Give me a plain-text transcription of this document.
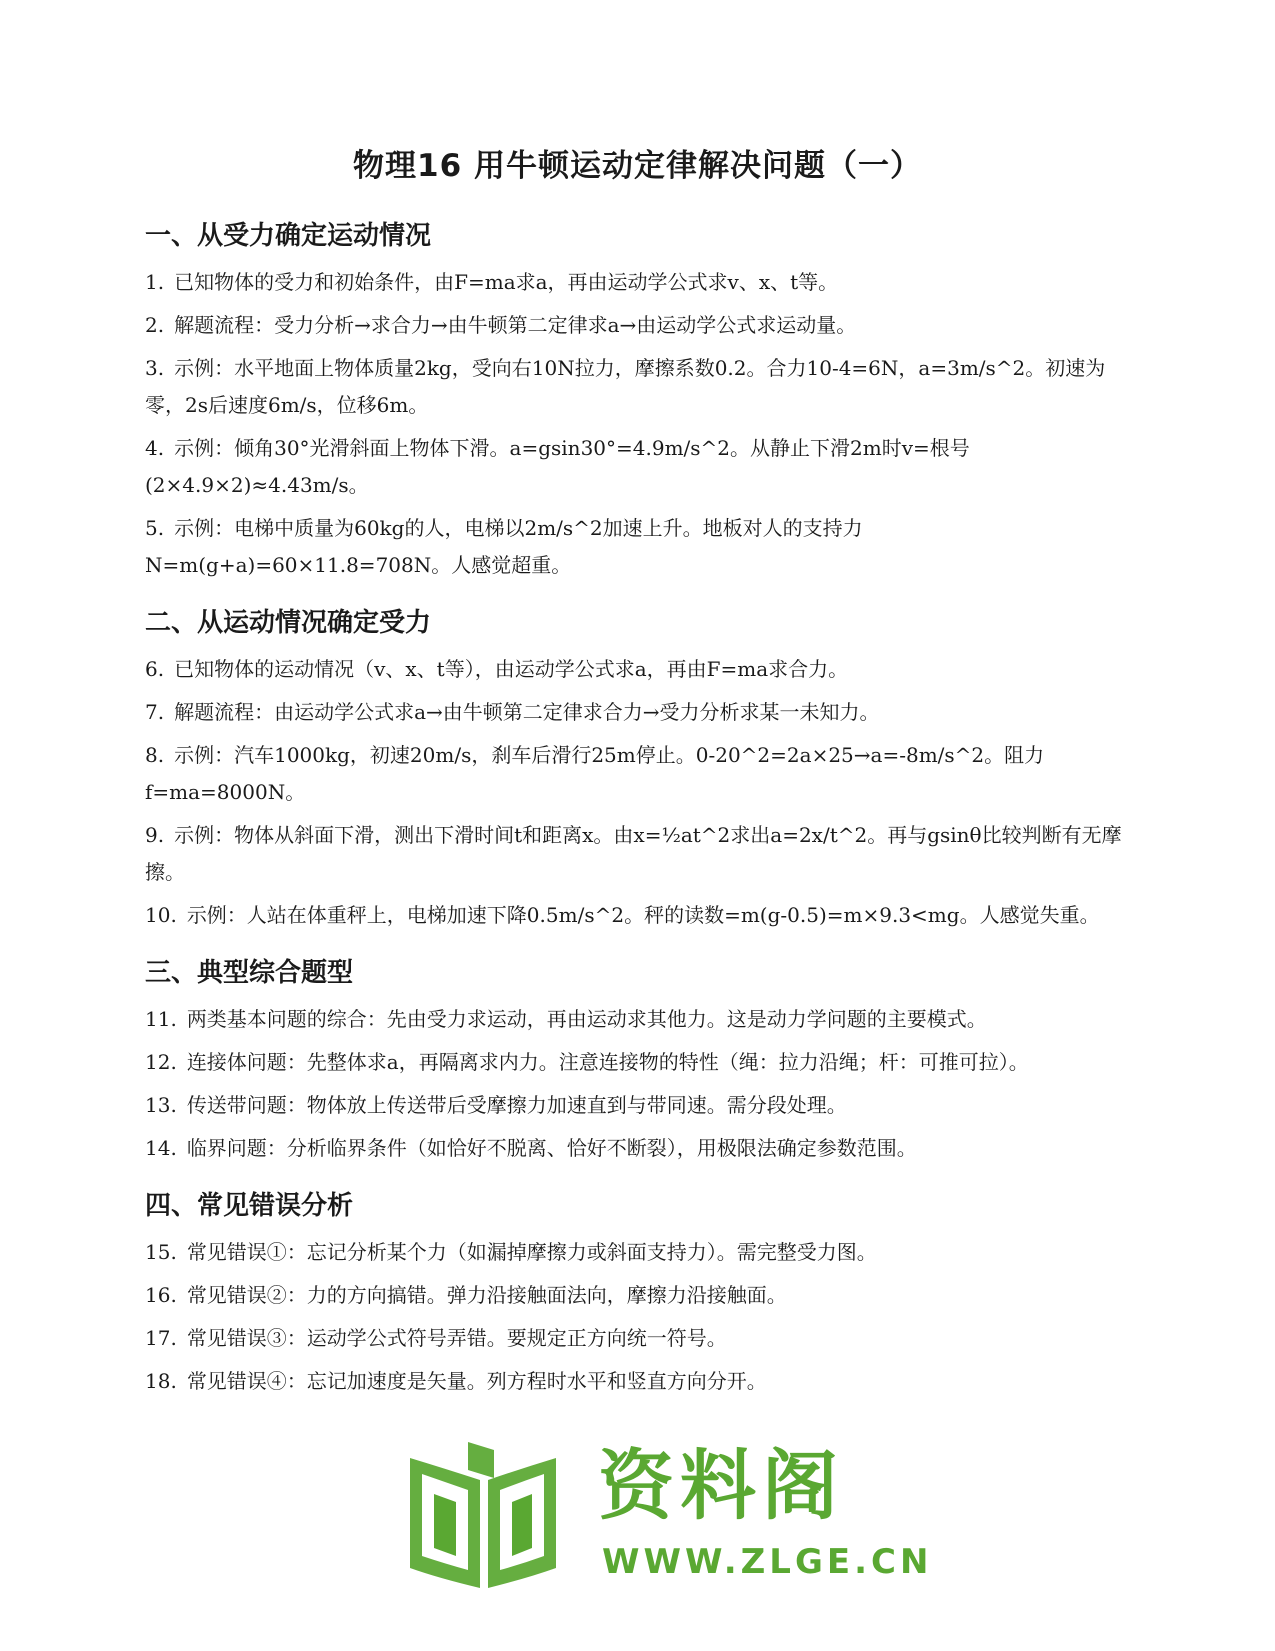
物理16 用牛顿运动定律解决问题（一）
一、从受力确定运动情况

1. 已知物体的受力和初始条件，由F=ma求a，再由运动学公式求v、x、t等。

2. 解题流程：受力分析→求合力→由牛顿第二定律求a→由运动学公式求运动量。

3. 示例：水平地面上物体质量2kg，受向右10N拉力，摩擦系数0.2。合力10-4=6N，a=3m/s^2。初速为零，2s后速度6m/s，位移6m。

4. 示例：倾角30°光滑斜面上物体下滑。a=gsin30°=4.9m/s^2。从静止下滑2m时v=根号(2×4.9×2)≈4.43m/s。

5. 示例：电梯中质量为60kg的人，电梯以2m/s^2加速上升。地板对人的支持力N=m(g+a)=60×11.8=708N。人感觉超重。

二、从运动情况确定受力

6. 已知物体的运动情况（v、x、t等），由运动学公式求a，再由F=ma求合力。

7. 解题流程：由运动学公式求a→由牛顿第二定律求合力→受力分析求某一未知力。

8. 示例：汽车1000kg，初速20m/s，刹车后滑行25m停止。0-20^2=2a×25→a=-8m/s^2。阻力f=ma=8000N。

9. 示例：物体从斜面下滑，测出下滑时间t和距离x。由x=½at^2求出a=2x/t^2。再与gsinθ比较判断有无摩擦。

10. 示例：人站在体重秤上，电梯加速下降0.5m/s^2。秤的读数=m(g-0.5)=m×9.3<mg。人感觉失重。

三、典型综合题型

11. 两类基本问题的综合：先由受力求运动，再由运动求其他力。这是动力学问题的主要模式。

12. 连接体问题：先整体求a，再隔离求内力。注意连接物的特性（绳：拉力沿绳；杆：可推可拉）。

13. 传送带问题：物体放上传送带后受摩擦力加速直到与带同速。需分段处理。

14. 临界问题：分析临界条件（如恰好不脱离、恰好不断裂），用极限法确定参数范围。

四、常见错误分析

15. 常见错误①：忘记分析某个力（如漏掉摩擦力或斜面支持力）。需完整受力图。

16. 常见错误②：力的方向搞错。弹力沿接触面法向，摩擦力沿接触面。

17. 常见错误③：运动学公式符号弄错。要规定正方向统一符号。

18. 常见错误④：忘记加速度是矢量。列方程时水平和竖直方向分开。

资料阁
WWW.ZLGE.CN
